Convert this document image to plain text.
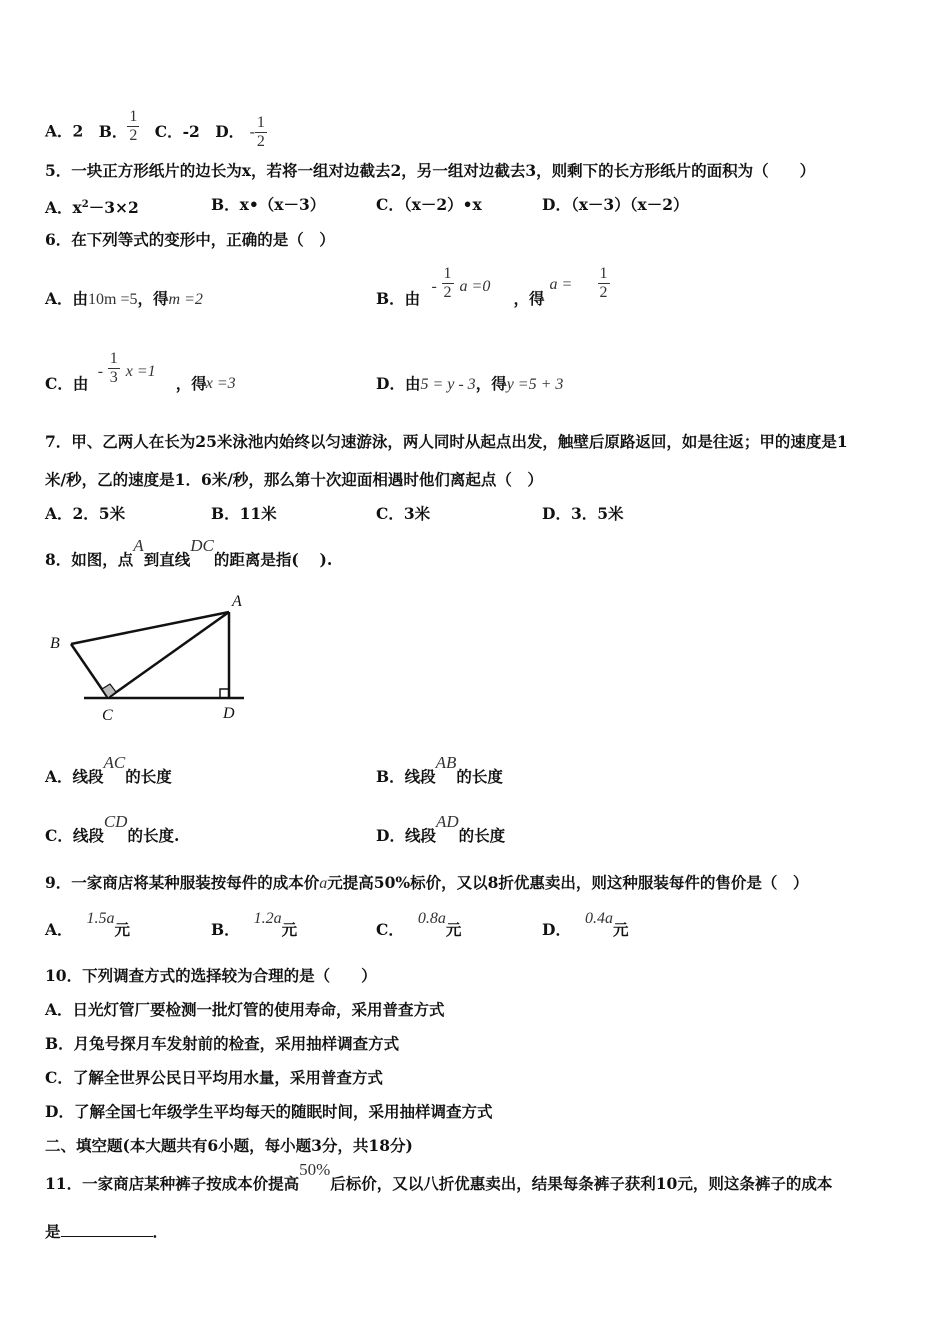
A．2 B． $\frac{1}{2}$ C．-2 D． - $\frac{1}{2}$
5．一块正方形纸片的边长为x，若将一组对边截去2，另一组对边截去3，则剩下的长方形纸片的面积为（　　）
A．$x^2-3\times 2$	B．x•（x－3）	C．（x－2）•x	D．（x－3）（x－2）
6．在下列等式的变形中，正确的是（　）
A．由10m =5，得m =2	B．由
- $\frac{1}{2}$ a =0
，得
$a = \frac{1}{2}$
C．由
- $\frac{1}{3}$ x =1
，得
x =3	D．由5 = y - 3，得y =5 + 3
7．甲、乙两人在长为25米泳池内始终以匀速游泳，两人同时从起点出发，触壁后原路返回，如是往返；甲的速度是1
米/秒，乙的速度是1．6米/秒，那么第十次迎面相遇时他们离起点（　）
A．2．5米	B．11米	C．3米	D．3．5米
8．如图，点A到直线DC的距离是指(　 ).
A
B
C	D
A．线段AC的长度	B．线段AB的长度
C．线段CD的长度.	D．线段AD的长度
9．一家商店将某种服装按每件的成本价a元提高50%标价，又以8折优惠卖出，则这种服装每件的售价是（　）
A．1.5a元	B．1.2a元	C．0.8a元	D．0.4a元
10．下列调查方式的选择较为合理的是（　　）
A．日光灯管厂要检测一批灯管的使用寿命，采用普查方式
B．月兔号探月车发射前的检查，采用抽样调查方式
C．了解全世界公民日平均用水量，采用普查方式
D．了解全国七年级学生平均每天的随眠时间，采用抽样调查方式
二、填空题(本大题共有6小题，每小题3分，共18分)
11．一家商店某种裤子按成本价提高50%后标价，又以八折优惠卖出，结果每条裤子获利10元，则这条裤子的成本
是	．
